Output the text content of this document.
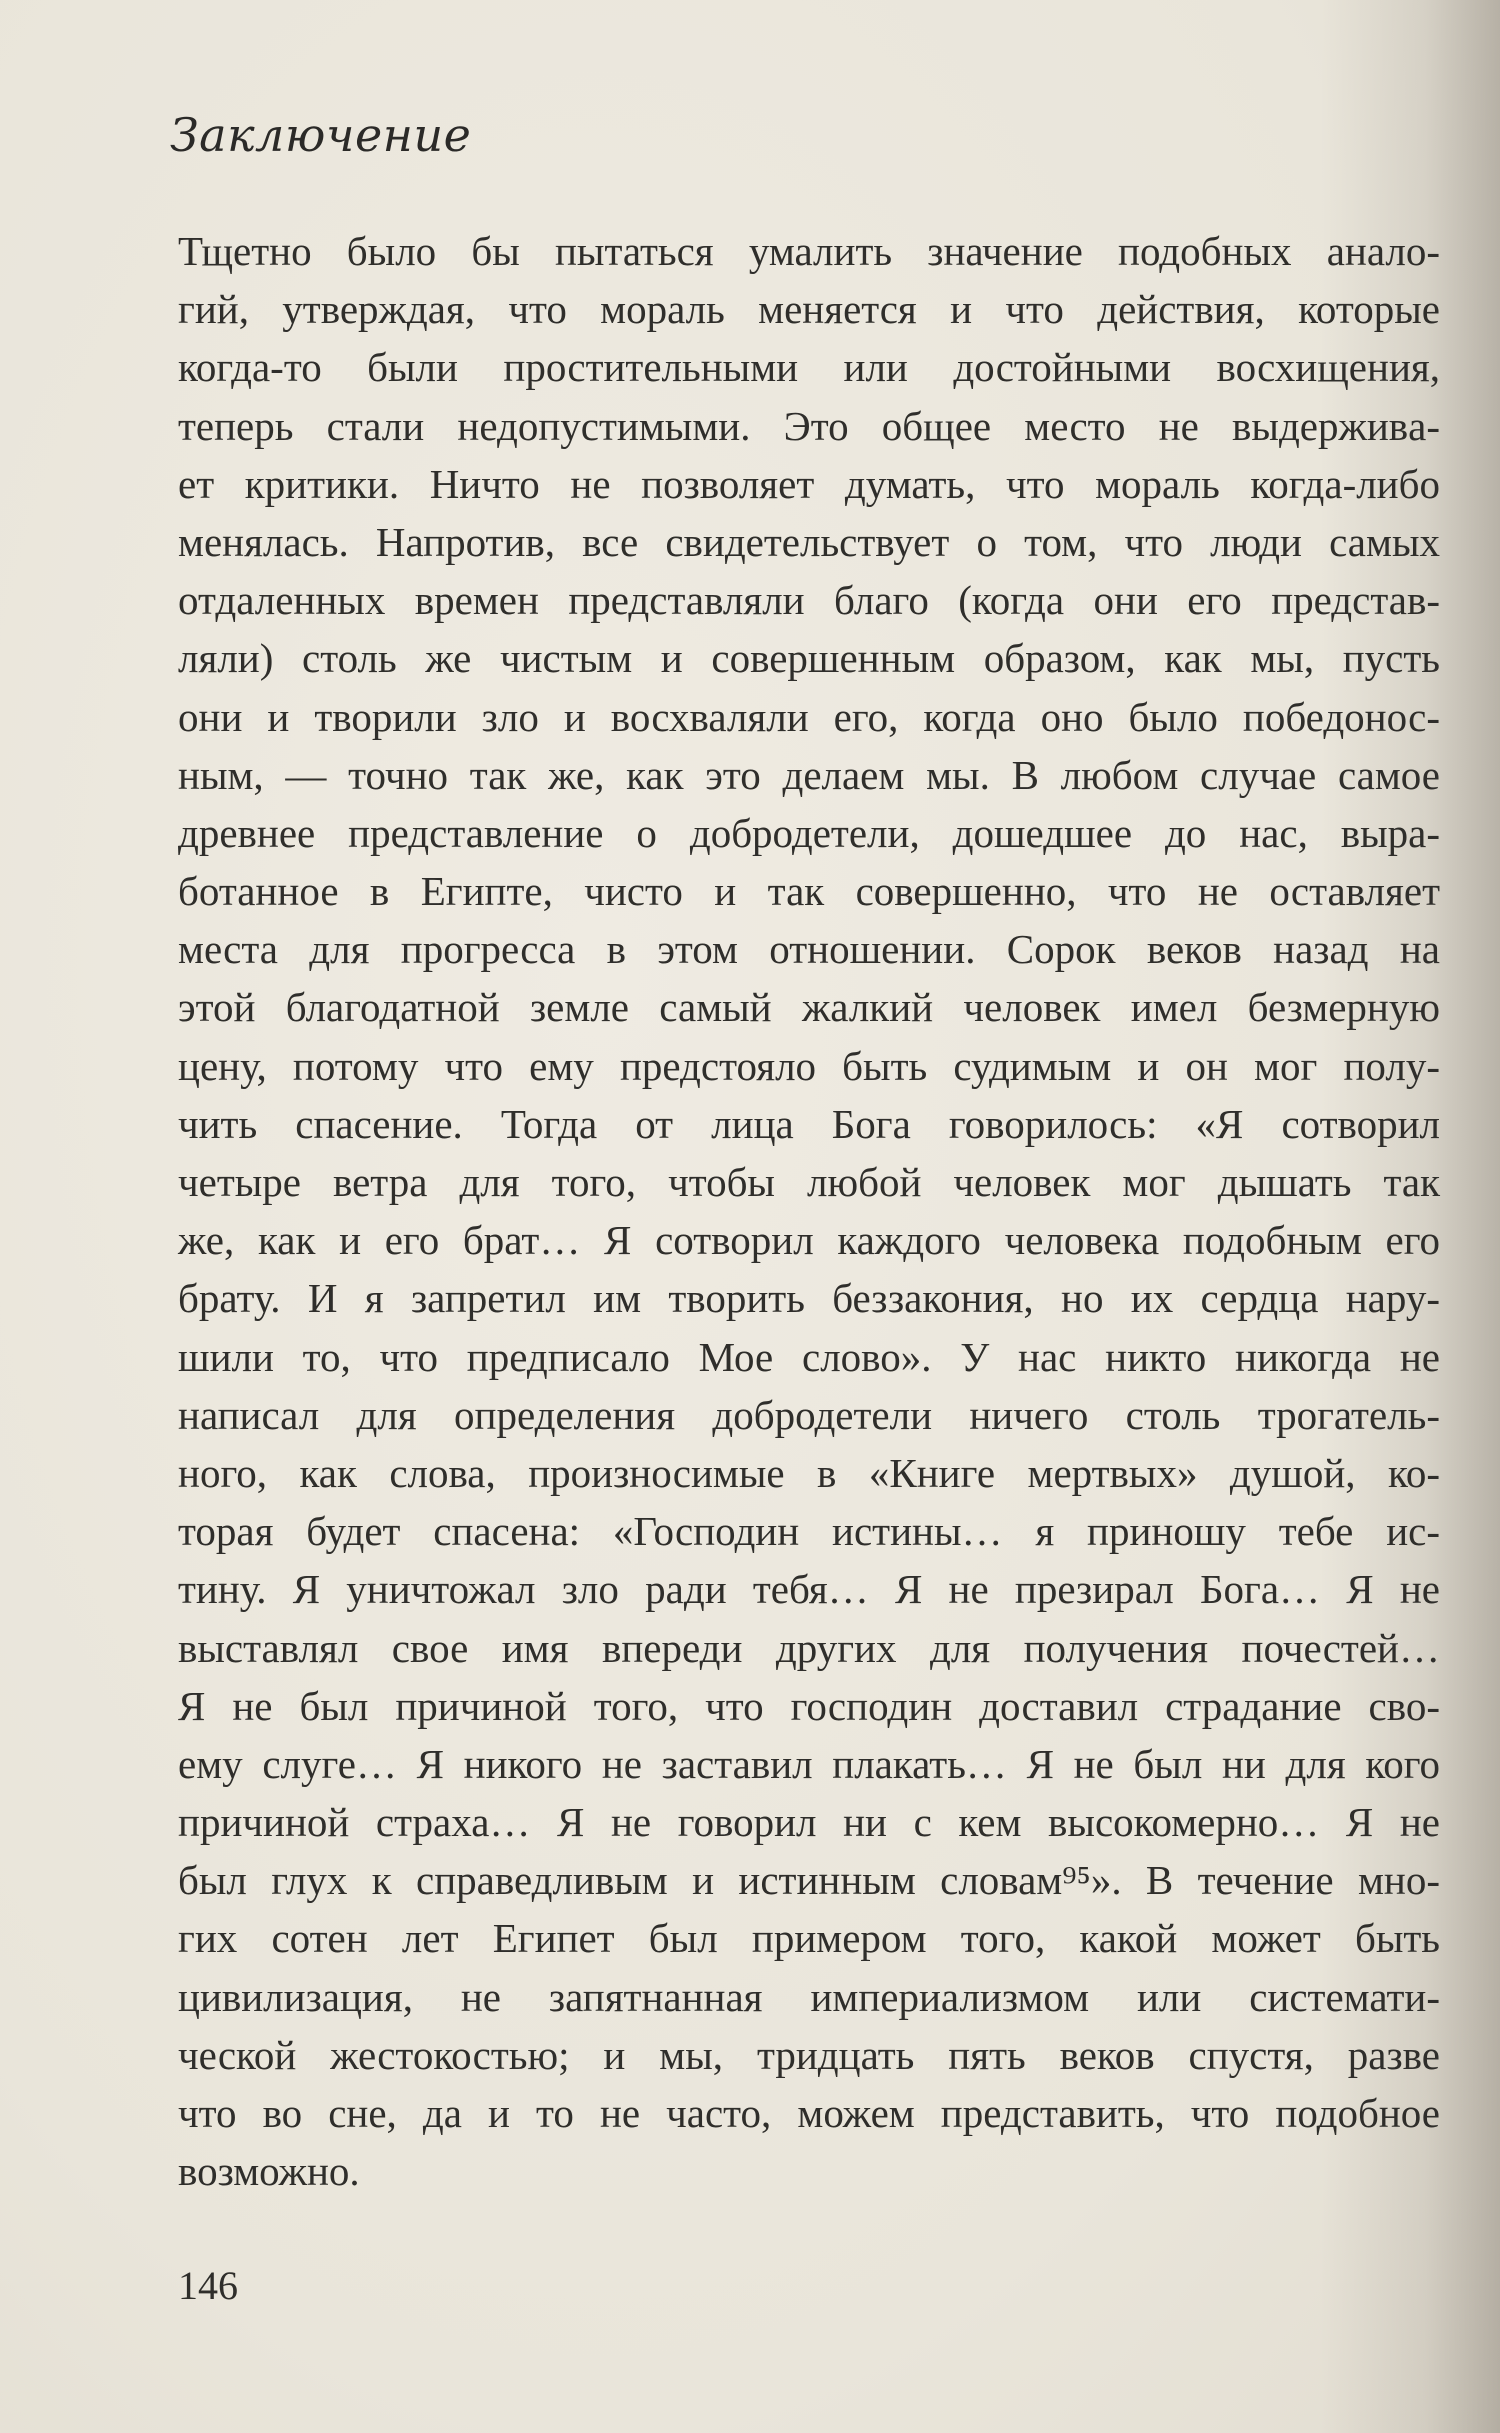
Заключение
Тщетно было бы пытаться умалить значение подобных анало-
гий, утверждая, что мораль меняется и что действия, которые
когда-то были простительными или достойными восхищения,
теперь стали недопустимыми. Это общее место не выдерживa-
ет критики. Ничто не позволяет думать, что мораль когда-либо
менялась. Напротив, все свидетельствует о том, что люди самых
отдаленных времен представляли благо (когда они его представ-
ляли) столь же чистым и совершенным образом, как мы, пусть
они и творили зло и восхваляли его, когда оно было победонос-
ным, — точно так же, как это делаем мы. В любом случае самое
древнее представление о добродетели, дошедшее до нас, выра-
ботанное в Египте, чисто и так совершенно, что не оставляет
места для прогресса в этом отношении. Сорок веков назад на
этой благодатной земле самый жалкий человек имел безмерную
цену, потому что ему предстояло быть судимым и он мог полу-
чить спасение. Тогда от лица Бога говорилось: «Я сотворил
четыре ветра для того, чтобы любой человек мог дышать так
же, как и его брат… Я сотворил каждого человека подобным его
брату. И я запретил им творить беззакония, но их сердца нару-
шили то, что предписало Мое слово». У нас никто никогда не
написал для определения добродетели ничего столь трогатель-
ного, как слова, произносимые в «Книге мертвых» душой, ко-
торая будет спасена: «Господин истины… я приношу тебе ис-
тину. Я уничтожал зло ради тебя… Я не презирал Бога… Я не
выставлял свое имя впереди других для получения почестей…
Я не был причиной того, что господин доставил страдание сво-
ему слуге… Я никого не заставил плакать… Я не был ни для кого
причиной страха… Я не говорил ни с кем высокомерно… Я не
был глух к справедливым и истинным словам⁹⁵». В течение мно-
гих сотен лет Египет был примером того, какой может быть
цивилизация, не запятнанная империализмом или системати-
ческой жестокостью; и мы, тридцать пять веков спустя, разве
что во сне, да и то не часто, можем представить, что подобное
возможно.

146
